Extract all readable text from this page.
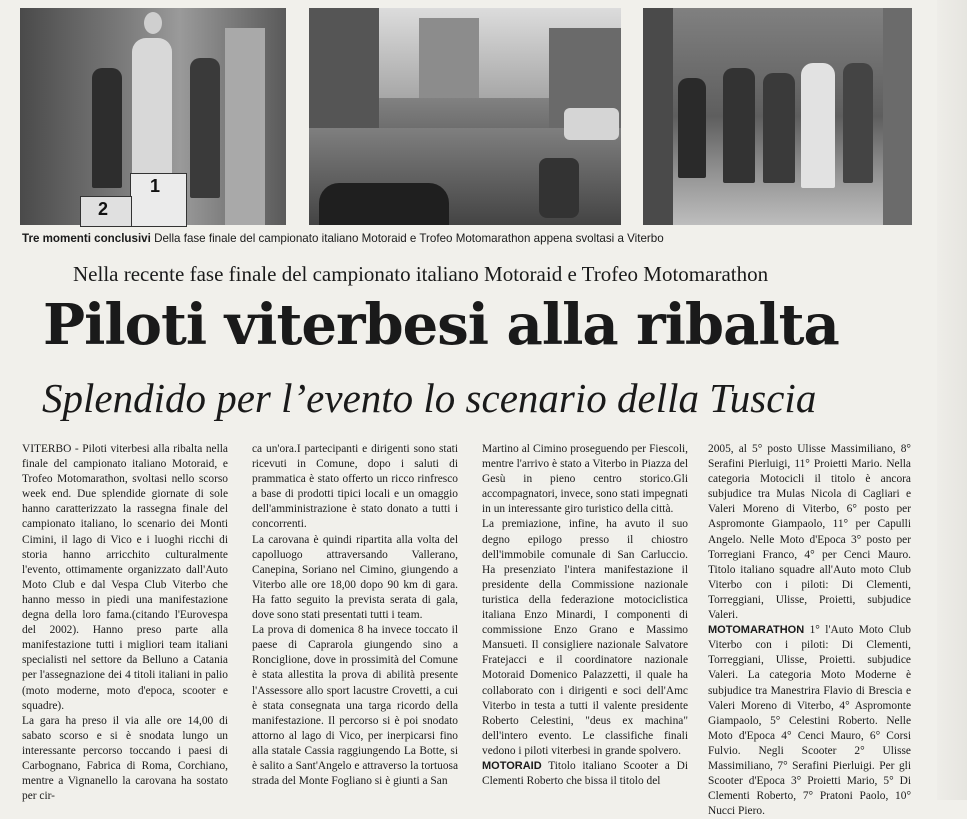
1
2
Tre momenti conclusivi Della fase finale del campionato italiano Motoraid e Trofeo Motomarathon appena svoltasi a Viterbo
Nella recente fase finale del campionato italiano Motoraid e Trofeo Motomarathon
Piloti viterbesi alla ribalta
Splendido per l’evento lo scenario della Tuscia

VITERBO - Piloti viterbesi alla ribalta nella finale del campionato italiano Motoraid, e Trofeo Motomarathon, svoltasi nello scorso week end. Due splendide giornate di sole hanno caratterizzato la rassegna finale del campionato italiano, lo scenario dei Monti Cimini, il lago di Vico e i luoghi ricchi di storia hanno arricchito culturalmente l'evento, ottimamente organizzato dall'Auto Moto Club e dal Vespa Club Viterbo che hanno messo in piedi una manifestazione degna della loro fama.(citando l'Eurovespa del 2002). Hanno preso parte alla manifestazione tutti i migliori team italiani specialisti nel settore da Belluno a Catania per l'assegnazione dei 4 titoli italiani in palio (moto moderne, moto d'epoca, scooter e squadre).

La gara ha preso il via alle ore 14,00 di sabato scorso e si è snodata lungo un interessante percorso toccando i paesi di Carbognano, Fabrica di Roma, Corchiano, mentre a Vignanello la carovana ha sostato per cir-

ca un'ora.I partecipanti e dirigenti sono stati ricevuti in Comune, dopo i saluti di prammatica è stato offerto un ricco rinfresco a base di prodotti tipici locali e un omaggio dell'amministrazione è stato donato a tutti i concorrenti.

La carovana è quindi ripartita alla volta del capolluogo attraversando Vallerano, Canepina, Soriano nel Cimino, giungendo a Viterbo alle ore 18,00 dopo 90 km di gara. Ha fatto seguito la prevista serata di gala, dove sono stati presentati tutti i team.

La prova di domenica 8 ha invece toccato il paese di Caprarola giungendo sino a Ronciglione, dove in prossimità del Comune è stata allestita la prova di abilità presente l'Assessore allo sport lacustre Crovetti, a cui è stata consegnata una targa ricordo della manifestazione. Il percorso si è poi snodato attorno al lago di Vico, per inerpicarsi fino alla statale Cassia raggiungendo La Botte, si è salito a Sant'Angelo e attraverso la tortuosa strada del Monte Fogliano si è giunti a San

Martino al Cimino proseguendo per Fiescoli, mentre l'arrivo è stato a Viterbo in Piazza del Gesù in pieno centro storico.Gli accompagnatori, invece, sono stati impegnati in un interessante giro turistico della città.

La premiazione, infine, ha avuto il suo degno epilogo presso il chiostro dell'immobile comunale di San Carluccio. Ha presenziato l'intera manifestazione il presidente della Commissione nazionale turistica della federazione motociclistica italiana Enzo Minardi, I componenti di commissione Enzo Grano e Massimo Mansueti. Il consigliere nazionale Salvatore Fratejacci e il coordinatore nazionale Motoraid Domenico Palazzetti, il quale ha collaborato con i dirigenti e soci dell'Amc Viterbo in testa a tutti il valente presidente Roberto Celestini, "deus ex machina" dell'intero evento. Le classifiche finali vedono i piloti viterbesi in grande spolvero.

MOTORAID Titolo italiano Scooter a Di Clementi Roberto che bissa il titolo del

2005, al 5° posto Ulisse Massimiliano, 8° Serafini Pierluigi, 11° Proietti Mario. Nella categoria Motocicli il titolo è ancora subjudice tra Mulas Nicola di Cagliari e Valeri Moreno di Viterbo, 6° posto per Aspromonte Giampaolo, 11° per Capulli Angelo. Nelle Moto d'Epoca 3° posto per Torregiani Franco, 4° per Cenci Mauro. Titolo italiano squadre all'Auto moto Club Viterbo con i piloti: Di Clementi, Torreggiani, Ulisse, Proietti, subjudice Valeri.

MOTOMARATHON 1° l'Auto Moto Club Viterbo con i piloti: Di Clementi, Torreggiani, Ulisse, Proietti. subjudice Valeri. La categoria Moto Moderne è subjudice tra Manestrira Flavio di Brescia e Valeri Moreno di Viterbo, 4° Aspromonte Giampaolo, 5° Celestini Roberto. Nelle Moto d'Epoca 4° Cenci Mauro, 6° Corsi Fulvio. Negli Scooter 2° Ulisse Massimiliano, 7° Serafini Pierluigi. Per gli Scooter d'Epoca 3° Proietti Mario, 5° Di Clementi Roberto, 7° Pratoni Paolo, 10° Nucci Piero.
